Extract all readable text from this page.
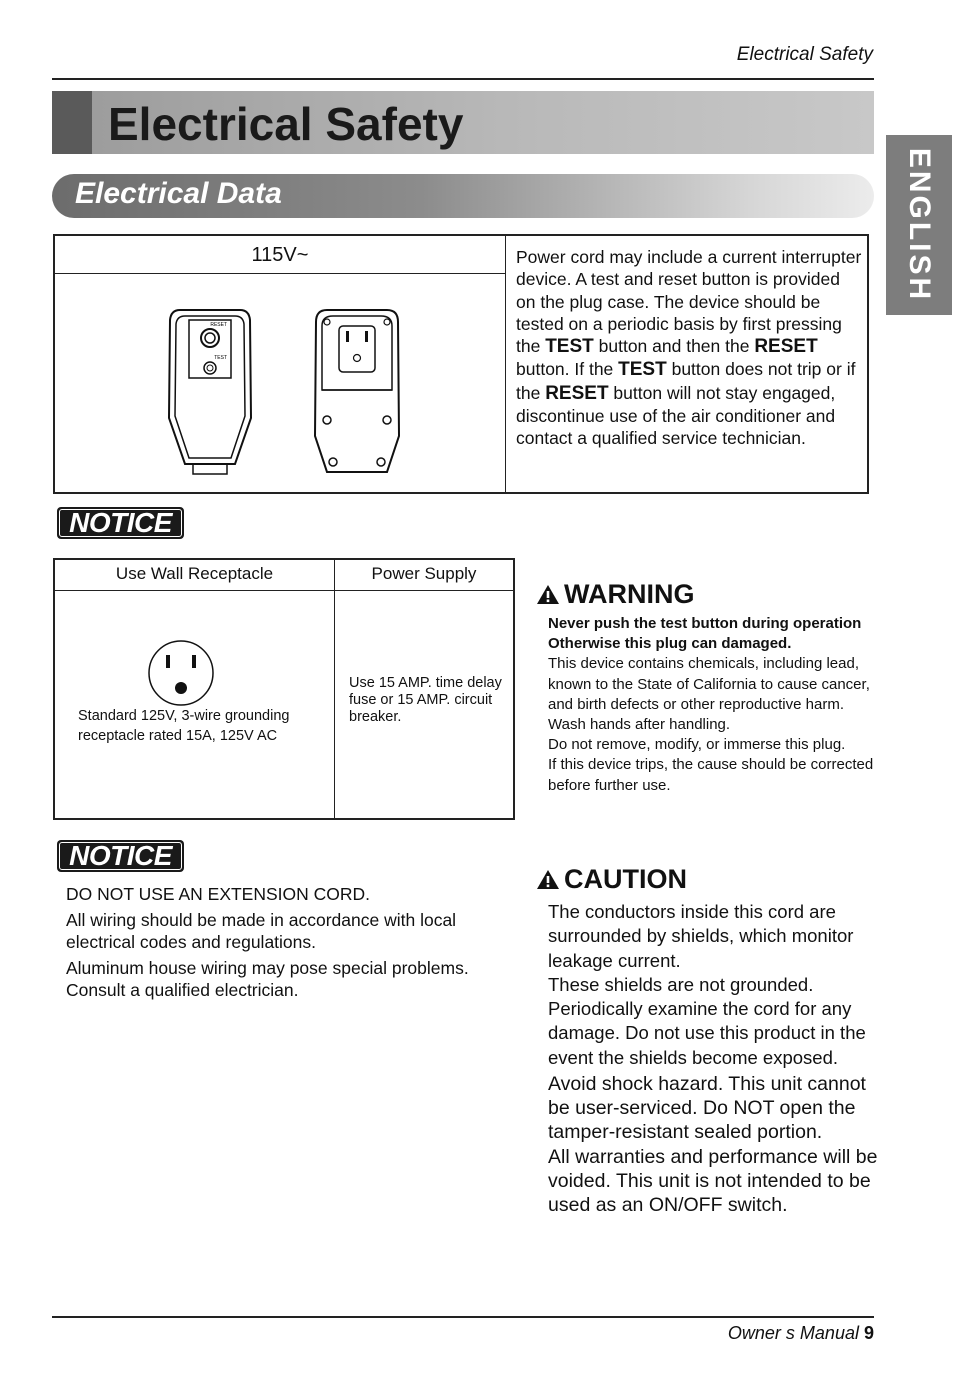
Electrical Safety
Electrical Safety
Electrical Data	ENGLISH
115V~
RESET
TEST
Power cord may include a current interrupter device. A test and reset button is provided on the plug case. The device should be tested on a periodic basis by first pressing the TEST button and then the RESET button. If the TEST button does not trip or if the RESET button will not stay engaged, discontinue use of the air conditioner and contact a qualified service technician.
NOTICE
Use Wall Receptacle	Power Supply
Standard 125V, 3-wire grounding receptacle rated 15A, 125V AC
Use 15 AMP. time delay fuse or 15 AMP. circuit breaker.
NOTICE

DO NOT USE AN EXTENSION CORD.

All wiring should be made in accordance with local electrical codes and regulations.

Aluminum house wiring may pose special problems. Consult a qualified electrician.

WARNING

Never push the test button during operation

Otherwise this plug can damaged.

This device contains chemicals, including lead, known to the State of California to cause cancer, and birth defects or other reproductive harm.

Wash hands after handling.

Do not remove, modify, or immerse this plug.

If this device trips, the cause should be corrected before further use.

CAUTION

The conductors inside this cord are surrounded by shields, which monitor leakage current.

These shields are not grounded. Periodically examine the cord for any damage. Do not use this product in the event the shields become exposed.

Avoid shock hazard. This unit cannot be user-serviced. Do NOT open the tamper-resistant sealed portion.

All warranties and performance will be voided. This unit is not intended to be used as an ON/OFF switch.

Owner s Manual 9
